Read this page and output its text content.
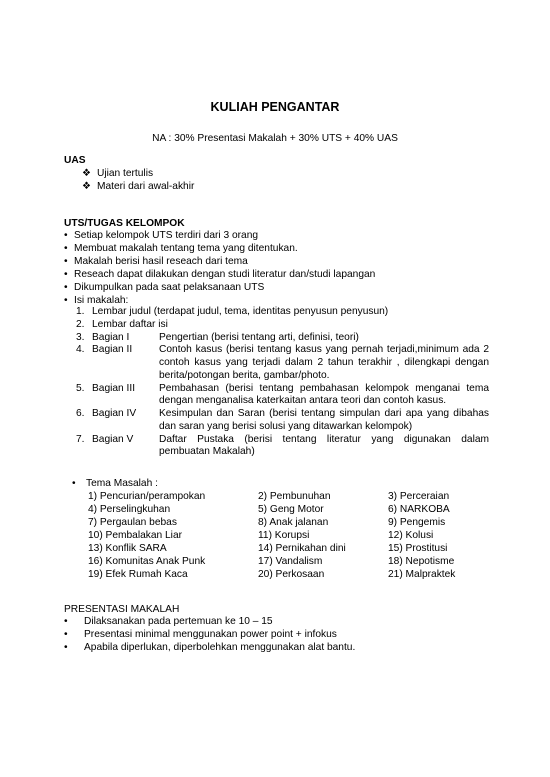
KULIAH PENGANTAR
NA : 30% Presentasi Makalah + 30% UTS + 40% UAS
UAS
❖ Ujian tertulis
❖ Materi dari awal-akhir
UTS/TUGAS KELOMPOK
• Setiap kelompok UTS terdiri dari 3 orang
• Membuat makalah tentang tema yang ditentukan.
• Makalah berisi hasil reseach dari tema
• Reseach dapat dilakukan dengan studi literatur dan/studi lapangan
• Dikumpulkan pada saat pelaksanaan UTS
• Isi makalah:
1. Lembar judul (terdapat judul, tema, identitas penyusun penyusun)
2. Lembar daftar isi
3. Bagian I	Pengertian (berisi tentang arti, definisi, teori)
4. Bagian II	Contoh kasus (berisi tentang kasus yang pernah terjadi,minimum ada 2 contoh kasus yang terjadi dalam 2 tahun terakhir , dilengkapi dengan berita/potongan berita, gambar/photo.
5. Bagian III	Pembahasan (berisi tentang pembahasan kelompok menganai tema dengan menganalisa katerkaitan antara teori dan contoh kasus.
6. Bagian IV	Kesimpulan dan Saran (berisi tentang simpulan dari apa yang dibahas dan saran yang berisi solusi yang ditawarkan kelompok)
7. Bagian V	Daftar Pustaka (berisi tentang literatur yang digunakan dalam pembuatan Makalah)
• Tema Masalah :
1) Pencurian/perampokan	2) Pembunuhan	3) Perceraian
4) Perselingkuhan	5) Geng Motor	6) NARKOBA
7) Pergaulan bebas	8) Anak jalanan	9) Pengemis
10) Pembalakan Liar	11) Korupsi	12) Kolusi
13) Konflik SARA	14) Pernikahan dini	15) Prostitusi
16) Komunitas Anak Punk	17) Vandalism	18) Nepotisme
19) Efek Rumah Kaca	20) Perkosaan	21) Malpraktek
PRESENTASI MAKALAH
• Dilaksanakan pada pertemuan ke 10 – 15
• Presentasi minimal menggunakan power point + infokus
• Apabila diperlukan, diperbolehkan menggunakan alat bantu.
